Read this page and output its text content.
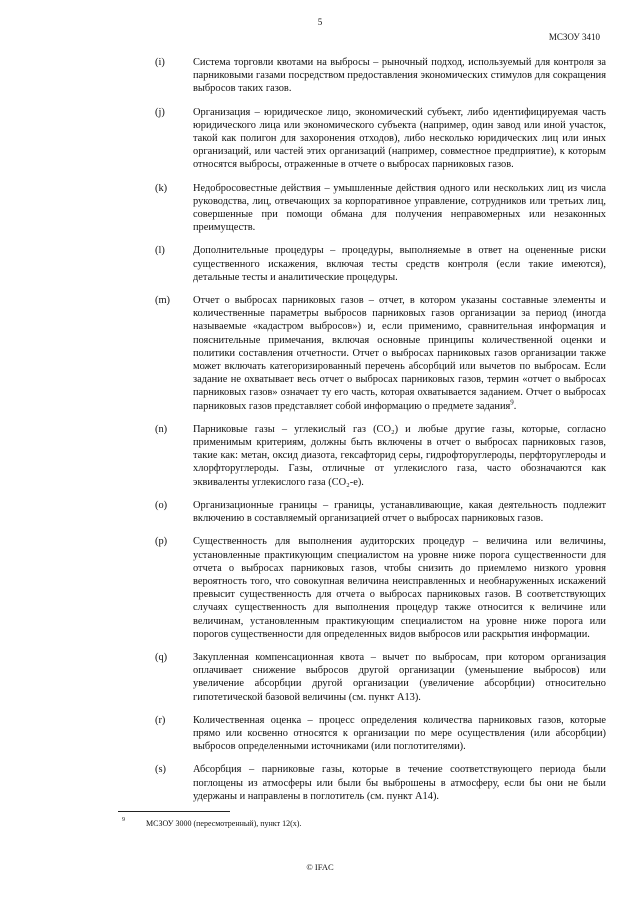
5
МСЗОУ 3410
(i)	Система торговли квотами на выбросы – рыночный подход, используемый для контроля за парниковыми газами посредством предоставления экономических стимулов для сокращения выбросов таких газов.
(j)	Организация – юридическое лицо, экономический субъект, либо идентифицируемая часть юридического лица или экономического субъекта (например, один завод или иной участок, такой как полигон для захоронения отходов), либо несколько юридических лиц или иных организаций, или частей этих организаций (например, совместное предприятие), к которым относятся выбросы, отраженные в отчете о выбросах парниковых газов.
(k)	Недобросовестные действия – умышленные действия одного или нескольких лиц из числа руководства, лиц, отвечающих за корпоративное управление, сотрудников или третьих лиц, совершенные при помощи обмана для получения неправомерных или незаконных преимуществ.
(l)	Дополнительные процедуры – процедуры, выполняемые в ответ на оцененные риски существенного искажения, включая тесты средств контроля (если такие имеются), детальные тесты и аналитические процедуры.
(m)	Отчет о выбросах парниковых газов – отчет, в котором указаны составные элементы и количественные параметры выбросов парниковых газов организации за период (иногда называемые «кадастром выбросов») и, если применимо, сравнительная информация и пояснительные примечания, включая основные принципы количественной оценки и политики составления отчетности. Отчет о выбросах парниковых газов организации также может включать категоризированный перечень абсорбций или вычетов по выбросам. Если задание не охватывает весь отчет о выбросах парниковых газов, термин «отчет о выбросах парниковых газов» означает ту его часть, которая охватывается заданием. Отчет о выбросах парниковых газов представляет собой информацию о предмете задания$^9$.
(n)	Парниковые газы – углекислый газ (CO₂) и любые другие газы, которые, согласно применимым критериям, должны быть включены в отчет о выбросах парниковых газов, такие как: метан, оксид диазота, гексафторид серы, гидрофторуглероды, перфторуглероды и хлорфторуглероды. Газы, отличные от углекислого газа, часто обозначаются как эквиваленты углекислого газа (CO₂-e).
(o)	Организационные границы – границы, устанавливающие, какая деятельность подлежит включению в составляемый организацией отчет о выбросах парниковых газов.
(p)	Существенность для выполнения аудиторских процедур – величина или величины, установленные практикующим специалистом на уровне ниже порога существенности для отчета о выбросах парниковых газов, чтобы снизить до приемлемо низкого уровня вероятность того, что совокупная величина неисправленных и необнаруженных искажений превысит существенность для отчета о выбросах парниковых газов. В соответствующих случаях существенность для выполнения процедур также относится к величине или величинам, установленным практикующим специалистом на уровне ниже порога или порогов существенности для определенных видов выбросов или раскрытия информации.
(q)	Закупленная компенсационная квота – вычет по выбросам, при котором организация оплачивает снижение выбросов другой организации (уменьшение выбросов) или увеличение абсорбции другой организации (увеличение абсорбции) относительно гипотетической базовой величины (см. пункт A13).
(r)	Количественная оценка – процесс определения количества парниковых газов, которые прямо или косвенно относятся к организации по мере осуществления (или абсорбции) выбросов определенными источниками (или поглотителями).
(s)	Абсорбция – парниковые газы, которые в течение соответствующего периода были поглощены из атмосферы или были бы выброшены в атмосферу, если бы они не были удержаны и направлены в поглотитель (см. пункт A14).
9	МСЗОУ 3000 (пересмотренный), пункт 12(x).
© IFAC
